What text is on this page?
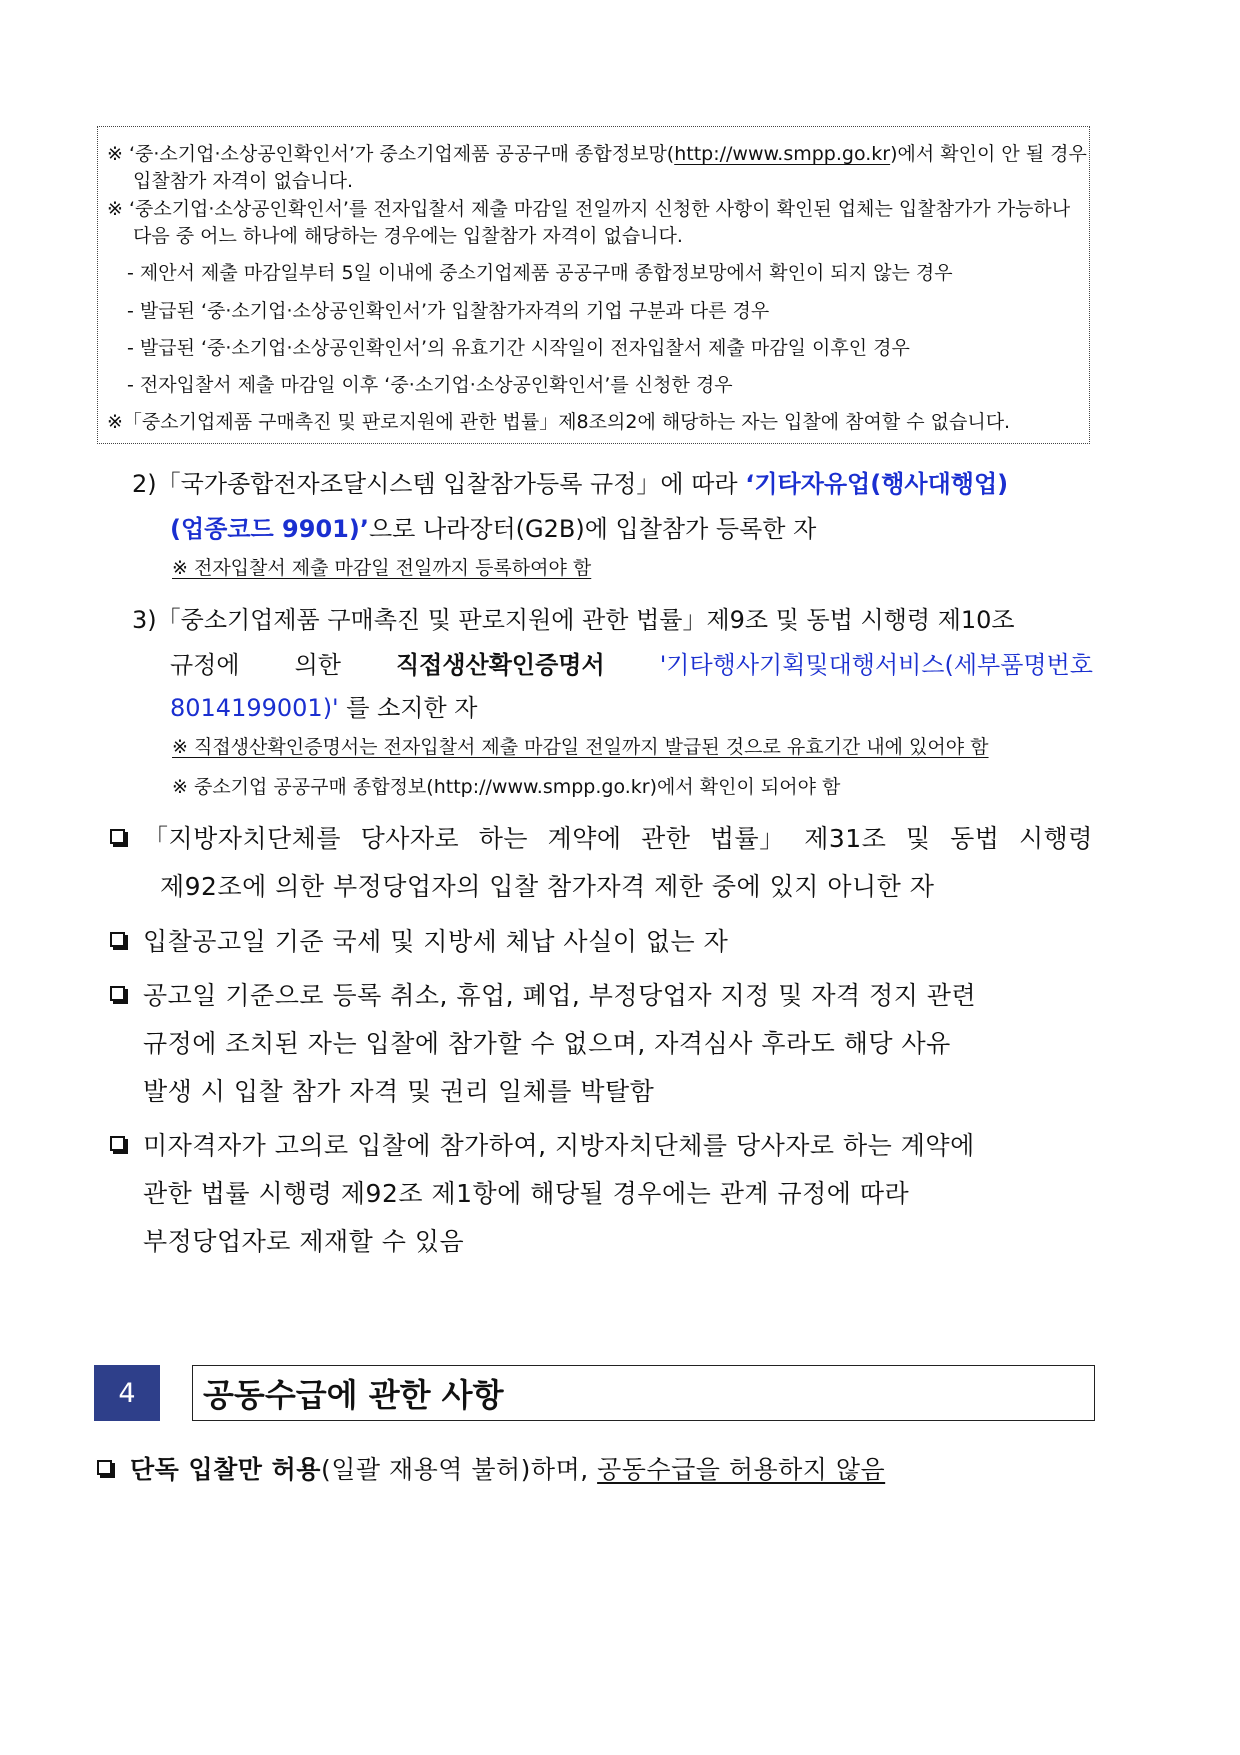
※ ‘중·소기업·소상공인확인서’가 중소기업제품 공공구매 종합정보망(http://www.smpp.go.kr)에서 확인이 안 될 경우
입찰참가 자격이 없습니다.
※ ‘중소기업·소상공인확인서’를 전자입찰서 제출 마감일 전일까지 신청한 사항이 확인된 업체는 입찰참가가 가능하나
다음 중 어느 하나에 해당하는 경우에는 입찰참가 자격이 없습니다.
- 제안서 제출 마감일부터 5일 이내에 중소기업제품 공공구매 종합정보망에서 확인이 되지 않는 경우
- 발급된 ‘중·소기업·소상공인확인서’가 입찰참가자격의 기업 구분과 다른 경우
- 발급된 ‘중·소기업·소상공인확인서’의 유효기간 시작일이 전자입찰서 제출 마감일 이후인 경우
- 전자입찰서 제출 마감일 이후 ‘중·소기업·소상공인확인서’를 신청한 경우
※「중소기업제품 구매촉진 및 판로지원에 관한 법률」제8조의2에 해당하는 자는 입찰에 참여할 수 없습니다.
2)「국가종합전자조달시스템 입찰참가등록 규정」에 따라 ‘기타자유업(행사대행업)
(업종코드 9901)’으로 나라장터(G2B)에 입찰참가 등록한 자
※ 전자입찰서 제출 마감일 전일까지 등록하여야 함
3)「중소기업제품 구매촉진 및 판로지원에 관한 법률」제9조 및 동법 시행령 제10조
규정에 의한 직접생산확인증명서 '기타행사기획및대행서비스(세부품명번호
8014199001)' 를 소지한 자
※ 직접생산확인증명서는 전자입찰서 제출 마감일 전일까지 발급된 것으로 유효기간 내에 있어야 함
※ 중소기업 공공구매 종합정보(http://www.smpp.go.kr)에서 확인이 되어야 함
「지방자치단체를 당사자로 하는 계약에 관한 법률」 제31조 및 동법 시행령
제92조에 의한 부정당업자의 입찰 참가자격 제한 중에 있지 아니한 자
입찰공고일 기준 국세 및 지방세 체납 사실이 없는 자
공고일 기준으로 등록 취소, 휴업, 폐업, 부정당업자 지정 및 자격 정지 관련
규정에 조치된 자는 입찰에 참가할 수 없으며, 자격심사 후라도 해당 사유
발생 시 입찰 참가 자격 및 권리 일체를 박탈함
미자격자가 고의로 입찰에 참가하여, 지방자치단체를 당사자로 하는 계약에
관한 법률 시행령 제92조 제1항에 해당될 경우에는 관계 규정에 따라
부정당업자로 제재할 수 있음
4	공동수급에 관한 사항
단독 입찰만 허용(일괄 재용역 불허)하며, 공동수급을 허용하지 않음
